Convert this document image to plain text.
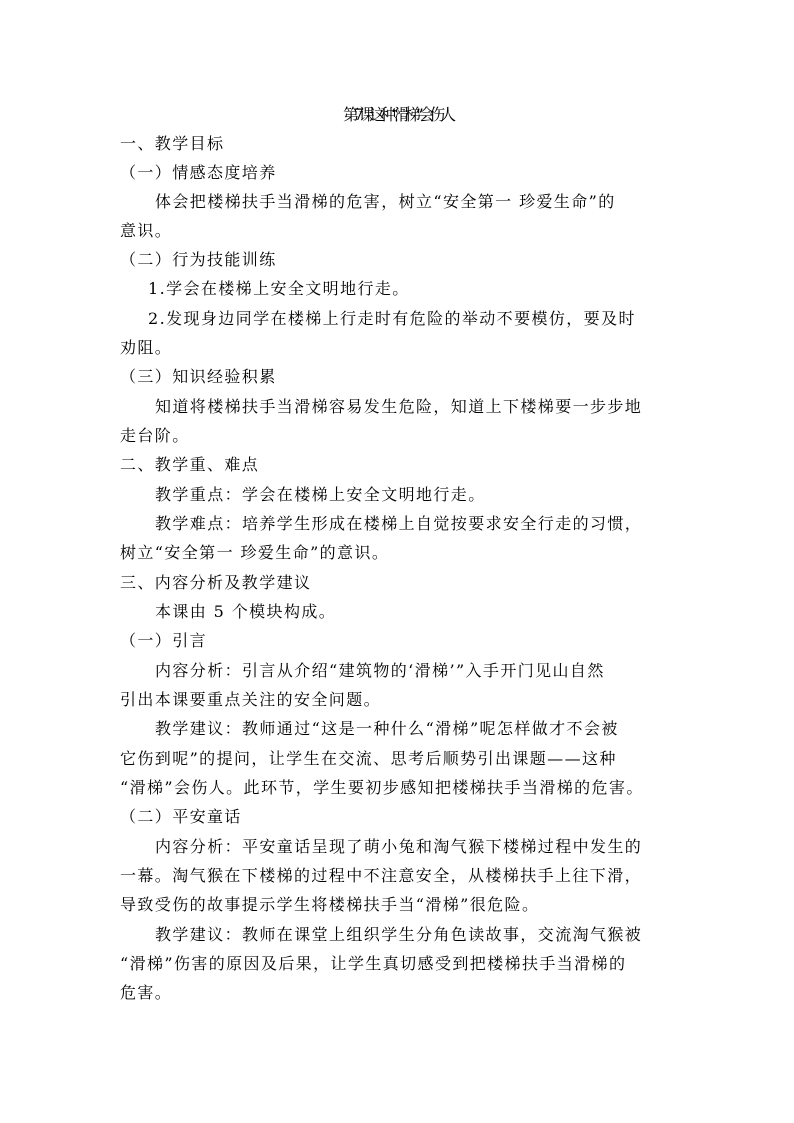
第 7 课 这种“滑梯”会伤人
一、教学目标
（一）情感态度培养
体会把楼梯扶手当滑梯的危害，树立“安全第一 珍爱生命”的
意识。
（二）行为技能训练
1.学会在楼梯上安全文明地行走。
2.发现身边同学在楼梯上行走时有危险的举动不要模仿，要及时
劝阻。
（三）知识经验积累
知道将楼梯扶手当滑梯容易发生危险，知道上下楼梯要一步步地
走台阶。
二、教学重、难点
教学重点：学会在楼梯上安全文明地行走。
教学难点：培养学生形成在楼梯上自觉按要求安全行走的习惯，
树立“安全第一 珍爱生命”的意识。
三、内容分析及教学建议
本课由 5 个模块构成。
（一）引言
内容分析：引言从介绍“建筑物的‘滑梯’”入手开门见山自然
引出本课要重点关注的安全问题。
教学建议：教师通过“这是一种什么“滑梯”呢怎样做才不会被
它伤到呢”的提问，让学生在交流、思考后顺势引出课题——这种
“滑梯”会伤人。此环节，学生要初步感知把楼梯扶手当滑梯的危害。
（二）平安童话
内容分析：平安童话呈现了萌小兔和淘气猴下楼梯过程中发生的
一幕。淘气猴在下楼梯的过程中不注意安全，从楼梯扶手上往下滑，
导致受伤的故事提示学生将楼梯扶手当“滑梯”很危险。
教学建议：教师在课堂上组织学生分角色读故事，交流淘气猴被
“滑梯”伤害的原因及后果，让学生真切感受到把楼梯扶手当滑梯的
危害。
